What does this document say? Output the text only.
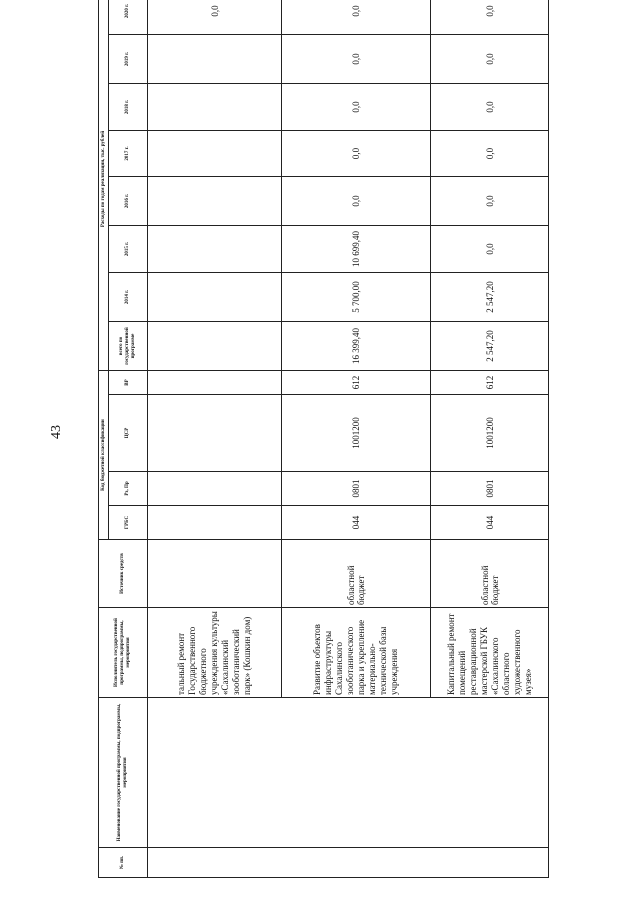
43
№ пп.	Наименование государственной программы, подпрограммы, мероприятия	Исполнитель государственной программы, подпрограммы, мероприятия	Источник средств	Код бюджетной классификации				Расходы по годам реализации, тыс. рублей							
				ГРБС	Рз, Пр	ЦСР	ВР	всего по государственной программе	2014 г.	2015 г.	2016 г.	2017 г.	2018 г.	2019 г.	2020 г.
		тальный ремонт Государственного бюджетного учреждения культуры «Сахалинский зооботанический парк» (Кошкин дом)													0,0
		Развитие объектов инфраструктуры Сахалинского зооботанического парка и укрепление материально-технической базы учреждения	областной бюджет	044	0801	1001200	612	16 399,40	5 700,00	10 699,40	0,0	0,0	0,0	0,0	0,0
		Капитальный ремонт помещений реставрационной мастерской ГБУК «Сахалинского областного художественного музея»	областной бюджет	044	0801	1001200	612	2 547,20	2 547,20	0,0	0,0	0,0	0,0	0,0	0,0
